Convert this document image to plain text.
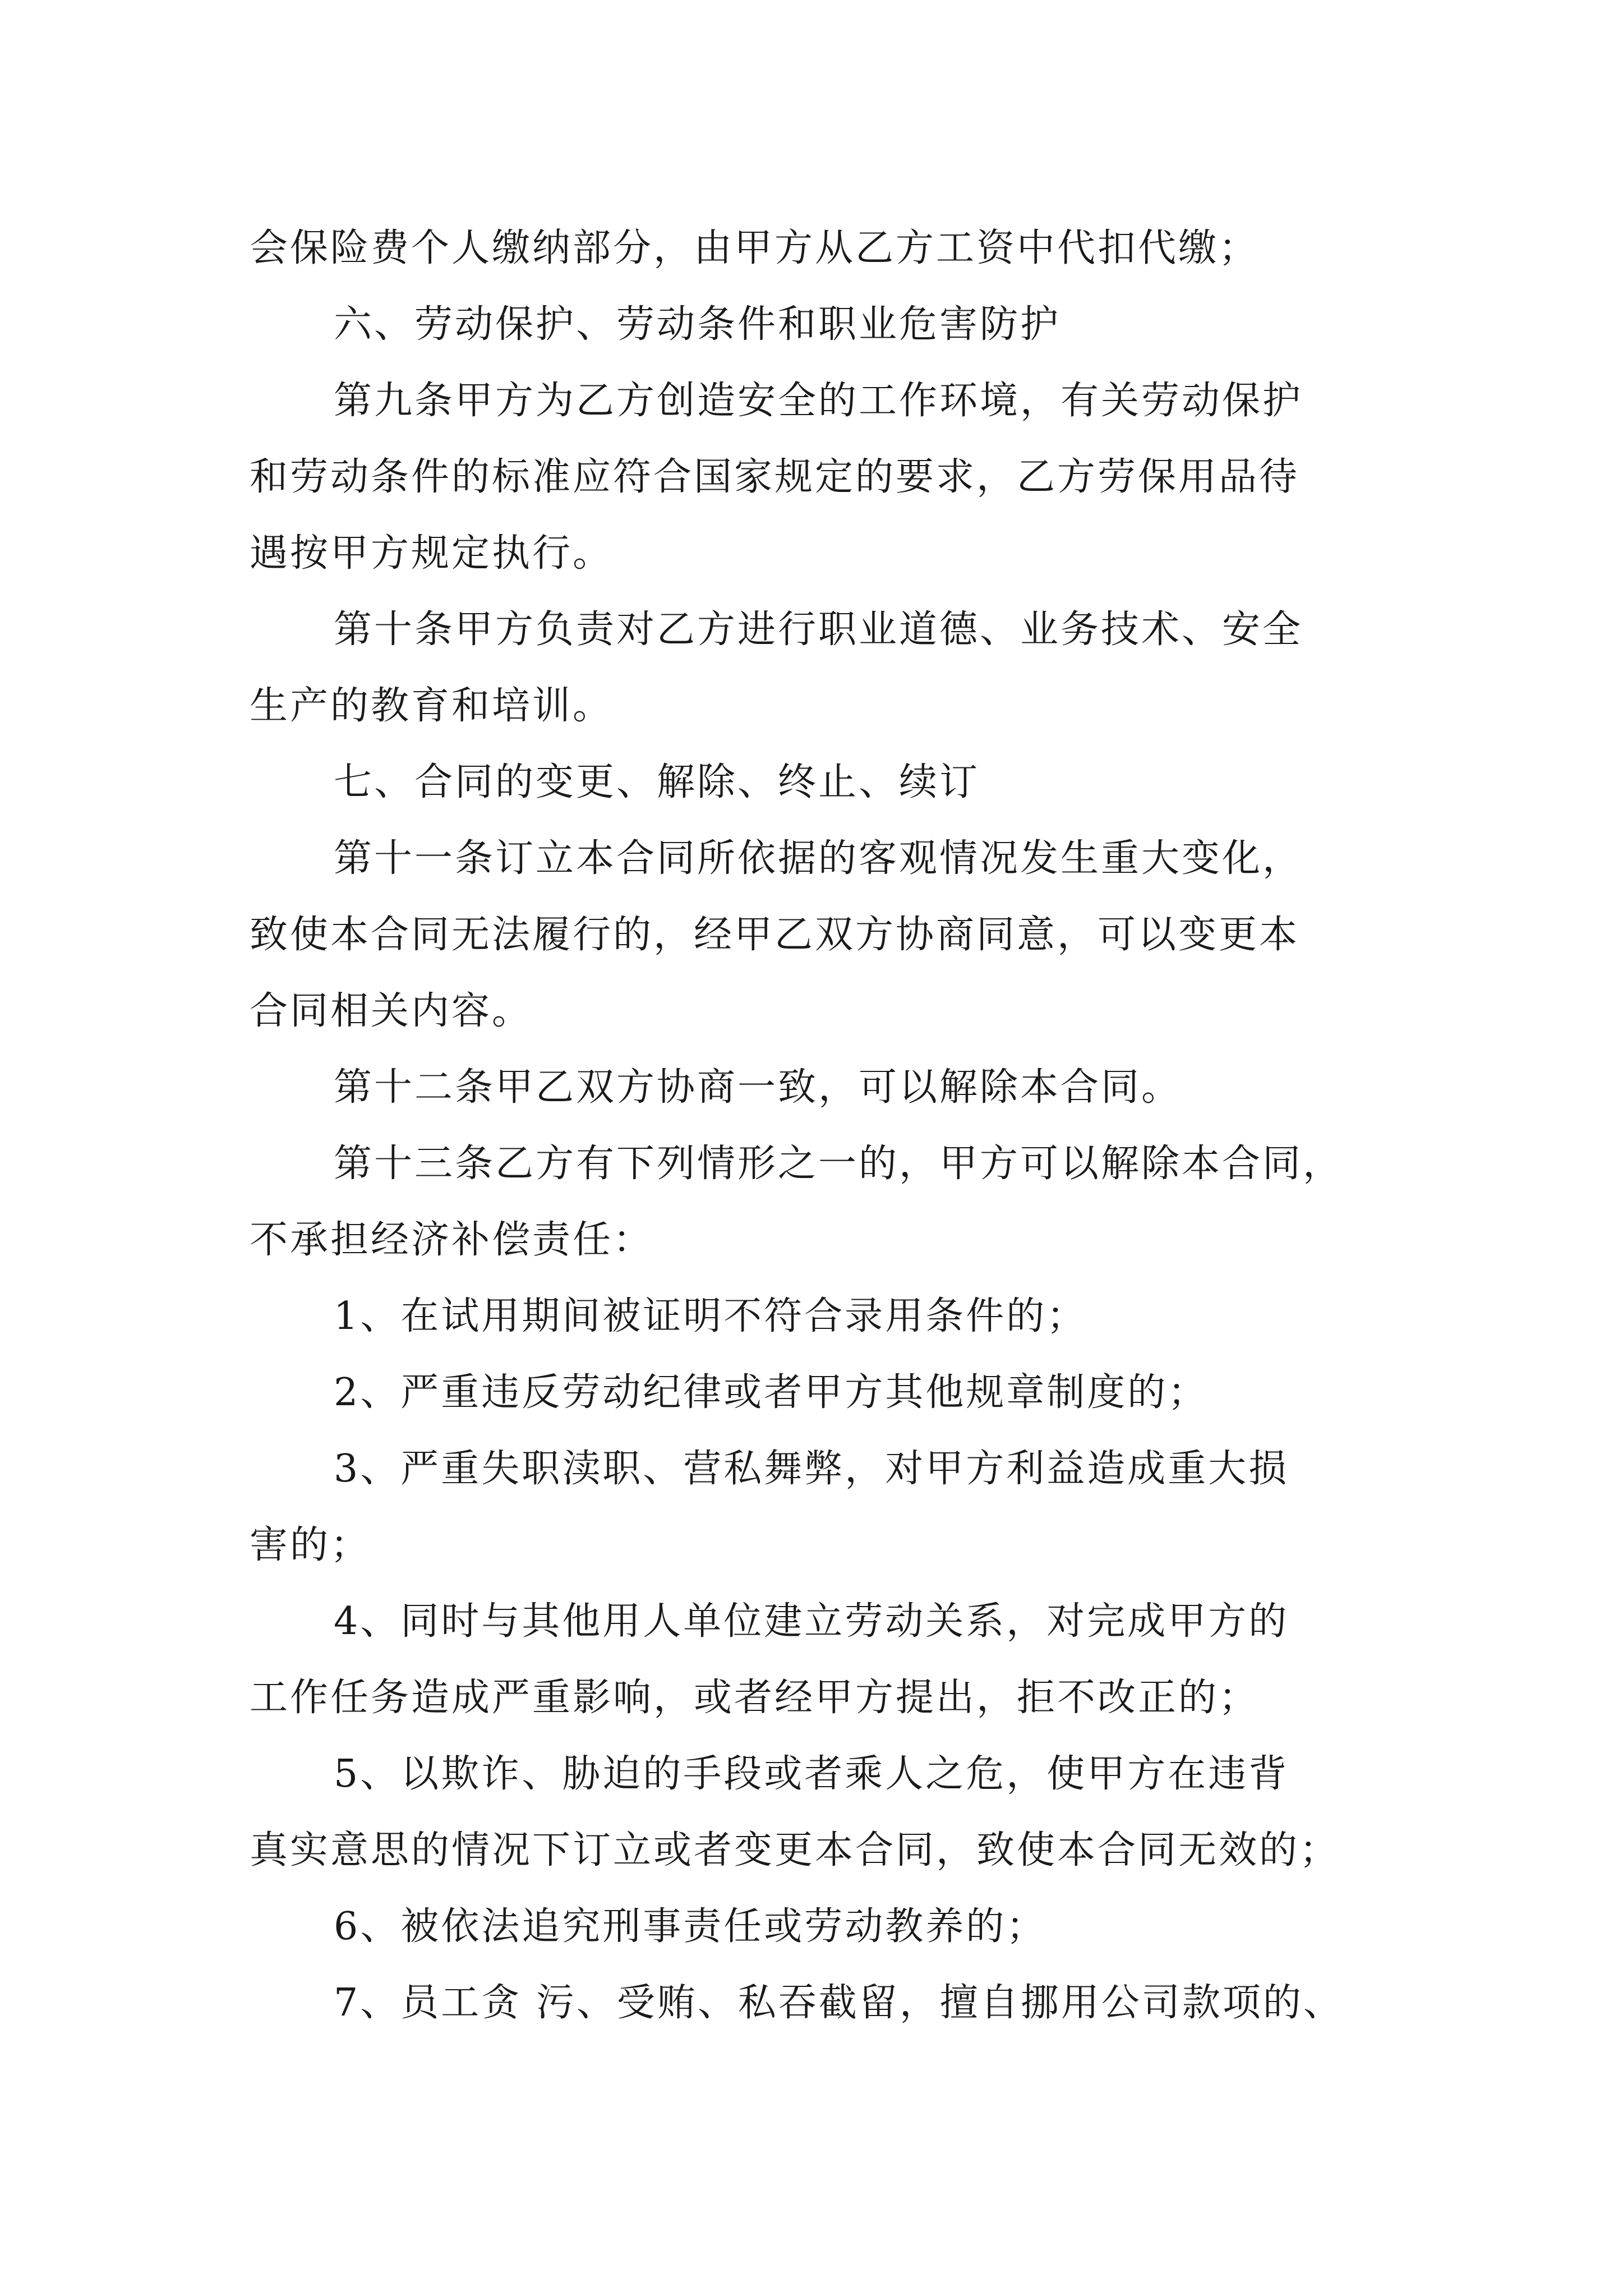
会保险费个人缴纳部分，由甲方从乙方工资中代扣代缴；
六、劳动保护、劳动条件和职业危害防护
第九条甲方为乙方创造安全的工作环境，有关劳动保护
和劳动条件的标准应符合国家规定的要求，乙方劳保用品待
遇按甲方规定执行。
第十条甲方负责对乙方进行职业道德、业务技术、安全
生产的教育和培训。
七、合同的变更、解除、终止、续订
第十一条订立本合同所依据的客观情况发生重大变化，
致使本合同无法履行的，经甲乙双方协商同意，可以变更本
合同相关内容。
第十二条甲乙双方协商一致，可以解除本合同。
第十三条乙方有下列情形之一的，甲方可以解除本合同，
不承担经济补偿责任：
1、在试用期间被证明不符合录用条件的；
2、严重违反劳动纪律或者甲方其他规章制度的；
3、严重失职渎职、营私舞弊，对甲方利益造成重大损
害的；
4、同时与其他用人单位建立劳动关系，对完成甲方的
工作任务造成严重影响，或者经甲方提出，拒不改正的；
5、以欺诈、胁迫的手段或者乘人之危，使甲方在违背
真实意思的情况下订立或者变更本合同，致使本合同无效的；
6、被依法追究刑事责任或劳动教养的；
7、员工贪 污、受贿、私吞截留，擅自挪用公司款项的、
